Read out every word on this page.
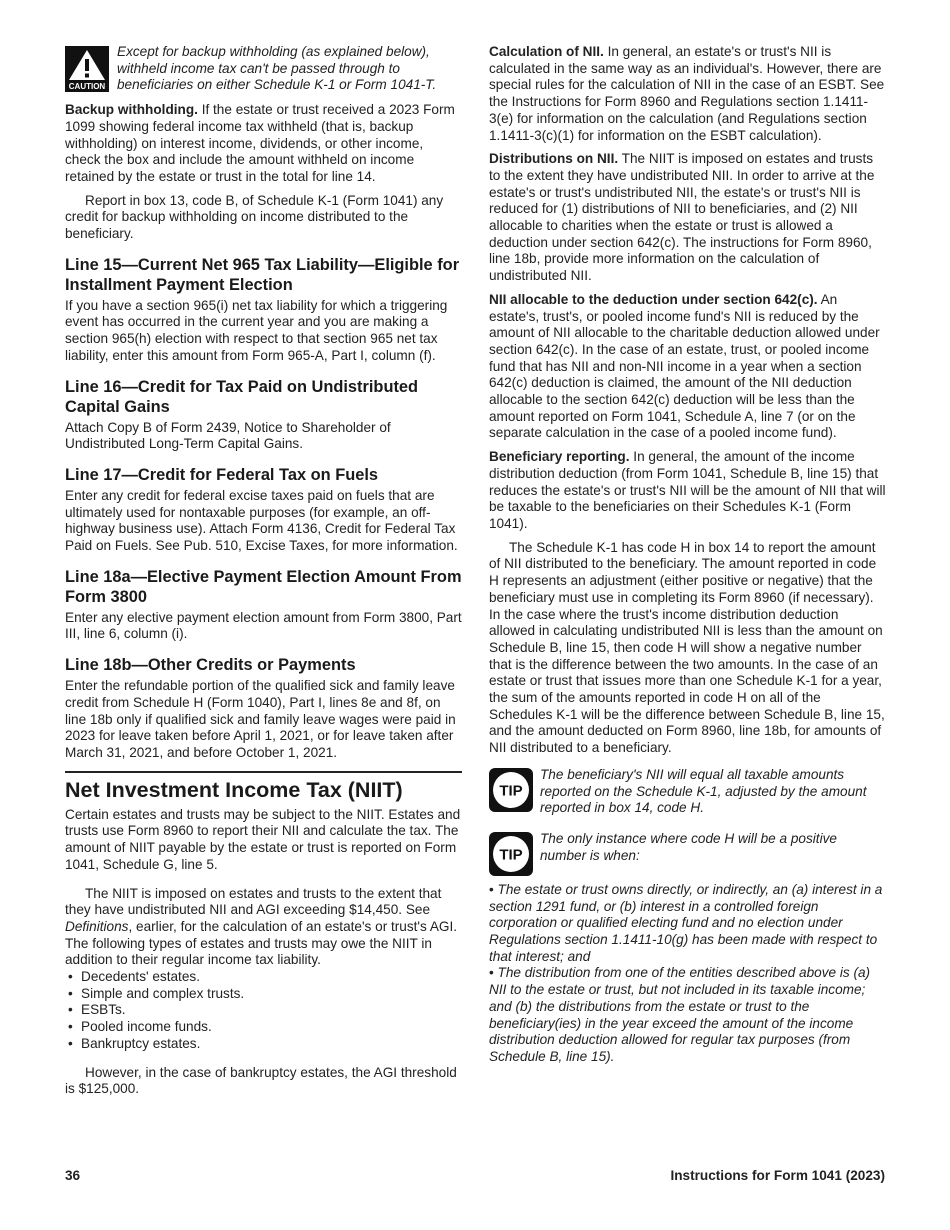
CAUTION
Except for backup withholding (as explained below), withheld income tax can't be passed through to beneficiaries on either Schedule K-1 or Form 1041-T.

Backup withholding. If the estate or trust received a 2023 Form 1099 showing federal income tax withheld (that is, backup withholding) on interest income, dividends, or other income, check the box and include the amount withheld on income retained by the estate or trust in the total for line 14.

Report in box 13, code B, of Schedule K-1 (Form 1041) any credit for backup withholding on income distributed to the beneficiary.

Line 15—Current Net 965 Tax Liability—Eligible for Installment Payment Election

If you have a section 965(i) net tax liability for which a triggering event has occurred in the current year and you are making a section 965(h) election with respect to that section 965 net tax liability, enter this amount from Form 965-A, Part I, column (f).

Line 16—Credit for Tax Paid on Undistributed Capital Gains

Attach Copy B of Form 2439, Notice to Shareholder of Undistributed Long-Term Capital Gains.

Line 17—Credit for Federal Tax on Fuels

Enter any credit for federal excise taxes paid on fuels that are ultimately used for nontaxable purposes (for example, an off-highway business use). Attach Form 4136, Credit for Federal Tax Paid on Fuels. See Pub. 510, Excise Taxes, for more information.

Line 18a—Elective Payment Election Amount From Form 3800

Enter any elective payment election amount from Form 3800, Part III, line 6, column (i).

Line 18b—Other Credits or Payments

Enter the refundable portion of the qualified sick and family leave credit from Schedule H (Form 1040), Part I, lines 8e and 8f, on line 18b only if qualified sick and family leave wages were paid in 2023 for leave taken before April 1, 2021, or for leave taken after March 31, 2021, and before October 1, 2021.

Net Investment Income Tax (NIIT)

Certain estates and trusts may be subject to the NIIT. Estates and trusts use Form 8960 to report their NII and calculate the tax. The amount of NIIT payable by the estate or trust is reported on Form 1041, Schedule G, line 5.

The NIIT is imposed on estates and trusts to the extent that they have undistributed NII and AGI exceeding $14,450. See Definitions, earlier, for the calculation of an estate's or trust's AGI. The following types of estates and trusts may owe the NIIT in addition to their regular income tax liability.

• Decedents' estates.
• Simple and complex trusts.
• ESBTs.
• Pooled income funds.
• Bankruptcy estates.

However, in the case of bankruptcy estates, the AGI threshold is $125,000.

Calculation of NII. In general, an estate's or trust's NII is calculated in the same way as an individual's. However, there are special rules for the calculation of NII in the case of an ESBT. See the Instructions for Form 8960 and Regulations section 1.1411-3(e) for information on the calculation (and Regulations section 1.1411-3(c)(1) for information on the ESBT calculation).

Distributions on NII. The NIIT is imposed on estates and trusts to the extent they have undistributed NII. In order to arrive at the estate's or trust's undistributed NII, the estate's or trust's NII is reduced for (1) distributions of NII to beneficiaries, and (2) NII allocable to charities when the estate or trust is allowed a deduction under section 642(c). The instructions for Form 8960, line 18b, provide more information on the calculation of undistributed NII.

NII allocable to the deduction under section 642(c). An estate's, trust's, or pooled income fund's NII is reduced by the amount of NII allocable to the charitable deduction allowed under section 642(c). In the case of an estate, trust, or pooled income fund that has NII and non-NII income in a year when a section 642(c) deduction is claimed, the amount of the NII deduction allocable to the section 642(c) deduction will be less than the amount reported on Form 1041, Schedule A, line 7 (or on the separate calculation in the case of a pooled income fund).

Beneficiary reporting. In general, the amount of the income distribution deduction (from Form 1041, Schedule B, line 15) that reduces the estate's or trust's NII will be the amount of NII that will be taxable to the beneficiaries on their Schedules K-1 (Form 1041).

The Schedule K-1 has code H in box 14 to report the amount of NII distributed to the beneficiary. The amount reported in code H represents an adjustment (either positive or negative) that the beneficiary must use in completing its Form 8960 (if necessary). In the case where the trust's income distribution deduction allowed in calculating undistributed NII is less than the amount on Schedule B, line 15, then code H will show a negative number that is the difference between the two amounts. In the case of an estate or trust that issues more than one Schedule K-1 for a year, the sum of the amounts reported in code H on all of the Schedules K-1 will be the difference between Schedule B, line 15, and the amount deducted on Form 8960, line 18b, for amounts of NII distributed to a beneficiary.

TIP
The beneficiary's NII will equal all taxable amounts reported on the Schedule K-1, adjusted by the amount reported in box 14, code H.
TIP
The only instance where code H will be a positive number is when:
• The estate or trust owns directly, or indirectly, an (a) interest in a section 1291 fund, or (b) interest in a controlled foreign corporation or qualified electing fund and no election under Regulations section 1.1411-10(g) has been made with respect to that interest; and
• The distribution from one of the entities described above is (a) NII to the estate or trust, but not included in its taxable income; and (b) the distributions from the estate or trust to the beneficiary(ies) in the year exceed the amount of the income distribution deduction allowed for regular tax purposes (from Schedule B, line 15).
36	Instructions for Form 1041 (2023)
